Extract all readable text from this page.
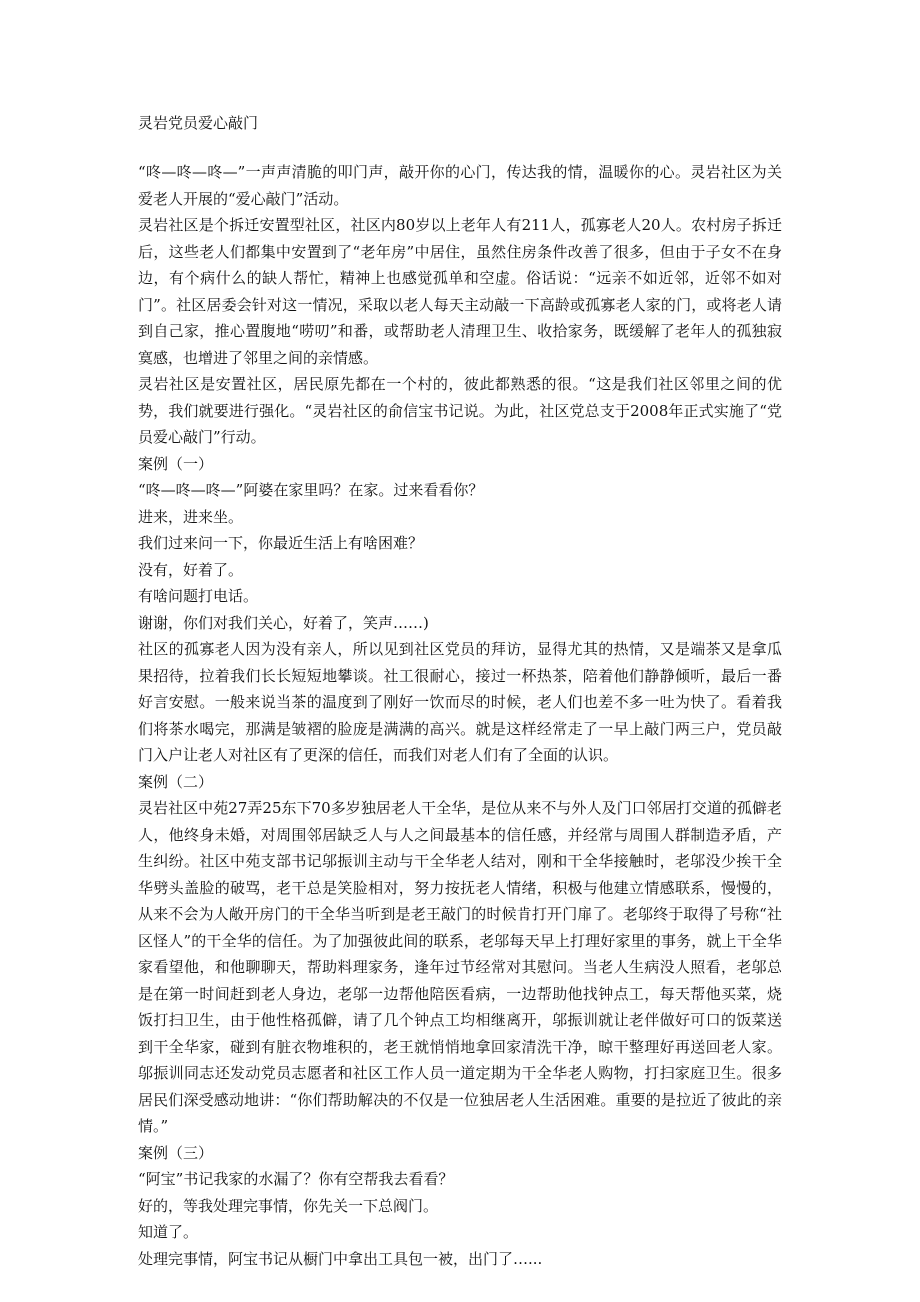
灵岩党员爱心敲门

“咚—咚—咚—”一声声清脆的叩门声，敲开你的心门，传达我的情，温暖你的心。灵岩社区为关爱老人开展的“爱心敲门”活动。

灵岩社区是个拆迁安置型社区，社区内80岁以上老年人有211人，孤寡老人20人。农村房子拆迁后，这些老人们都集中安置到了“老年房”中居住，虽然住房条件改善了很多，但由于子女不在身边，有个病什么的缺人帮忙，精神上也感觉孤单和空虚。俗话说：“远亲不如近邻，近邻不如对门”。社区居委会针对这一情况，采取以老人每天主动敲一下高龄或孤寡老人家的门，或将老人请到自己家，推心置腹地“唠叨”和番，或帮助老人清理卫生、收拾家务，既缓解了老年人的孤独寂寞感，也增进了邻里之间的亲情感。

灵岩社区是安置社区，居民原先都在一个村的，彼此都熟悉的很。“这是我们社区邻里之间的优势，我们就要进行强化。“灵岩社区的俞信宝书记说。为此，社区党总支于2008年正式实施了“党员爱心敲门”行动。

案例（一）

“咚—咚—咚—”阿婆在家里吗？在家。过来看看你？

进来，进来坐。

我们过来问一下，你最近生活上有啥困难？

没有，好着了。

有啥问题打电话。

谢谢，你们对我们关心，好着了，笑声……)

社区的孤寡老人因为没有亲人，所以见到社区党员的拜访，显得尤其的热情，又是端茶又是拿瓜果招待，拉着我们长长短短地攀谈。社工很耐心，接过一杯热茶，陪着他们静静倾听，最后一番好言安慰。一般来说当茶的温度到了刚好一饮而尽的时候，老人们也差不多一吐为快了。看着我们将茶水喝完，那满是皱褶的脸庞是满满的高兴。就是这样经常走了一早上敲门两三户，党员敲门入户让老人对社区有了更深的信任，而我们对老人们有了全面的认识。

案例（二）

灵岩社区中苑27弄25东下70多岁独居老人干全华，是位从来不与外人及门口邻居打交道的孤僻老人，他终身未婚，对周围邻居缺乏人与人之间最基本的信任感，并经常与周围人群制造矛盾，产生纠纷。社区中苑支部书记邬振训主动与干全华老人结对，刚和干全华接触时，老邬没少挨干全华劈头盖脸的破骂，老干总是笑脸相对，努力按抚老人情绪，积极与他建立情感联系，慢慢的，从来不会为人敞开房门的干全华当听到是老王敲门的时候肯打开门扉了。老邬终于取得了号称“社区怪人”的干全华的信任。为了加强彼此间的联系，老邬每天早上打理好家里的事务，就上干全华家看望他，和他聊聊天，帮助料理家务，逢年过节经常对其慰问。当老人生病没人照看，老邬总是在第一时间赶到老人身边，老邬一边帮他陪医看病，一边帮助他找钟点工，每天帮他买菜，烧饭打扫卫生，由于他性格孤僻，请了几个钟点工均相继离开，邬振训就让老伴做好可口的饭菜送到干全华家，碰到有脏衣物堆积的，老王就悄悄地拿回家清洗干净，晾干整理好再送回老人家。邬振训同志还发动党员志愿者和社区工作人员一道定期为干全华老人购物，打扫家庭卫生。很多居民们深受感动地讲：“你们帮助解决的不仅是一位独居老人生活困难。重要的是拉近了彼此的亲情。”

案例（三）

“阿宝”书记我家的水漏了？你有空帮我去看看？

好的，等我处理完事情，你先关一下总阀门。

知道了。

处理完事情，阿宝书记从橱门中拿出工具包一被，出门了…...
